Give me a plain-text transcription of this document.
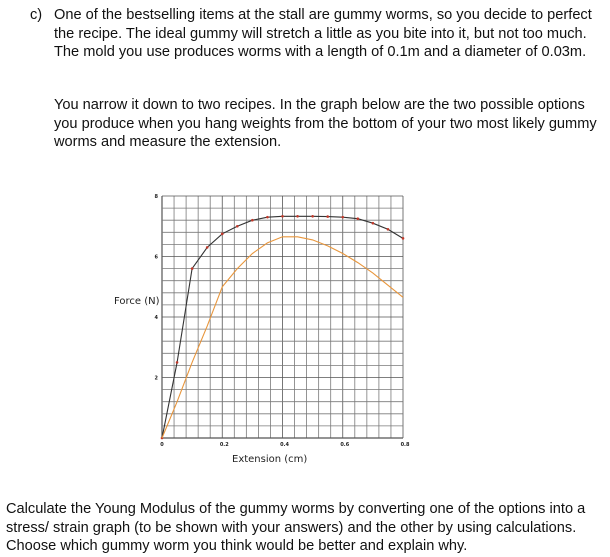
c) One of the bestselling items at the stall are gummy worms, so you decide to perfect the recipe. The ideal gummy will stretch a little as you bite into it, but not too much. The mold you use produces worms with a length of 0.1m and a diameter of 0.03m.

You narrow it down to two recipes. In the graph below are the two possible options you produce when you hang weights from the bottom of your two most likely gummy worms and measure the extension.

0	0.2	0.4	0.6	0.8
2
4
6
8
Force (N)
Extension (cm)

Calculate the Young Modulus of the gummy worms by converting one of the options into a stress/ strain graph (to be shown with your answers) and the other by using calculations. Choose which gummy worm you think would be better and explain why.
